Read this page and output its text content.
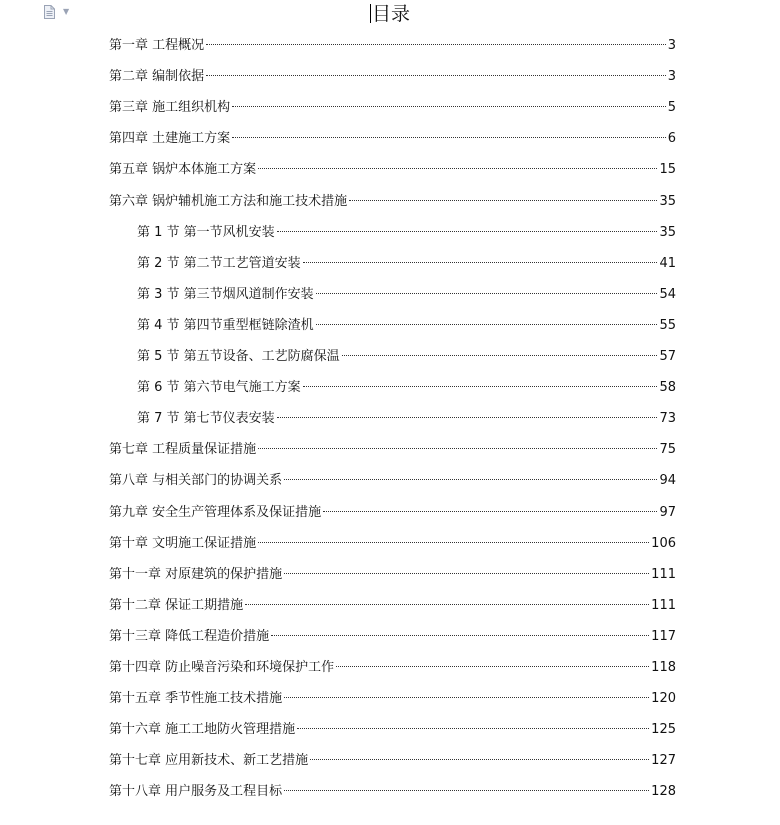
▼	目录
第一章 工程概况	3
第二章 编制依据	3
第三章 施工组织机构	5
第四章 土建施工方案	6
第五章 锅炉本体施工方案	15
第六章 锅炉辅机施工方法和施工技术措施	35
第 1 节 第一节风机安装	35
第 2 节 第二节工艺管道安装	41
第 3 节 第三节烟风道制作安装	54
第 4 节 第四节重型框链除渣机	55
第 5 节 第五节设备、工艺防腐保温	57
第 6 节 第六节电气施工方案	58
第 7 节 第七节仪表安装	73
第七章 工程质量保证措施	75
第八章 与相关部门的协调关系	94
第九章 安全生产管理体系及保证措施	97
第十章 文明施工保证措施	106
第十一章 对原建筑的保护措施	111
第十二章 保证工期措施	111
第十三章 降低工程造价措施	117
第十四章 防止噪音污染和环境保护工作	118
第十五章 季节性施工技术措施	120
第十六章 施工工地防火管理措施	125
第十七章 应用新技术、新工艺措施	127
第十八章 用户服务及工程目标	128
